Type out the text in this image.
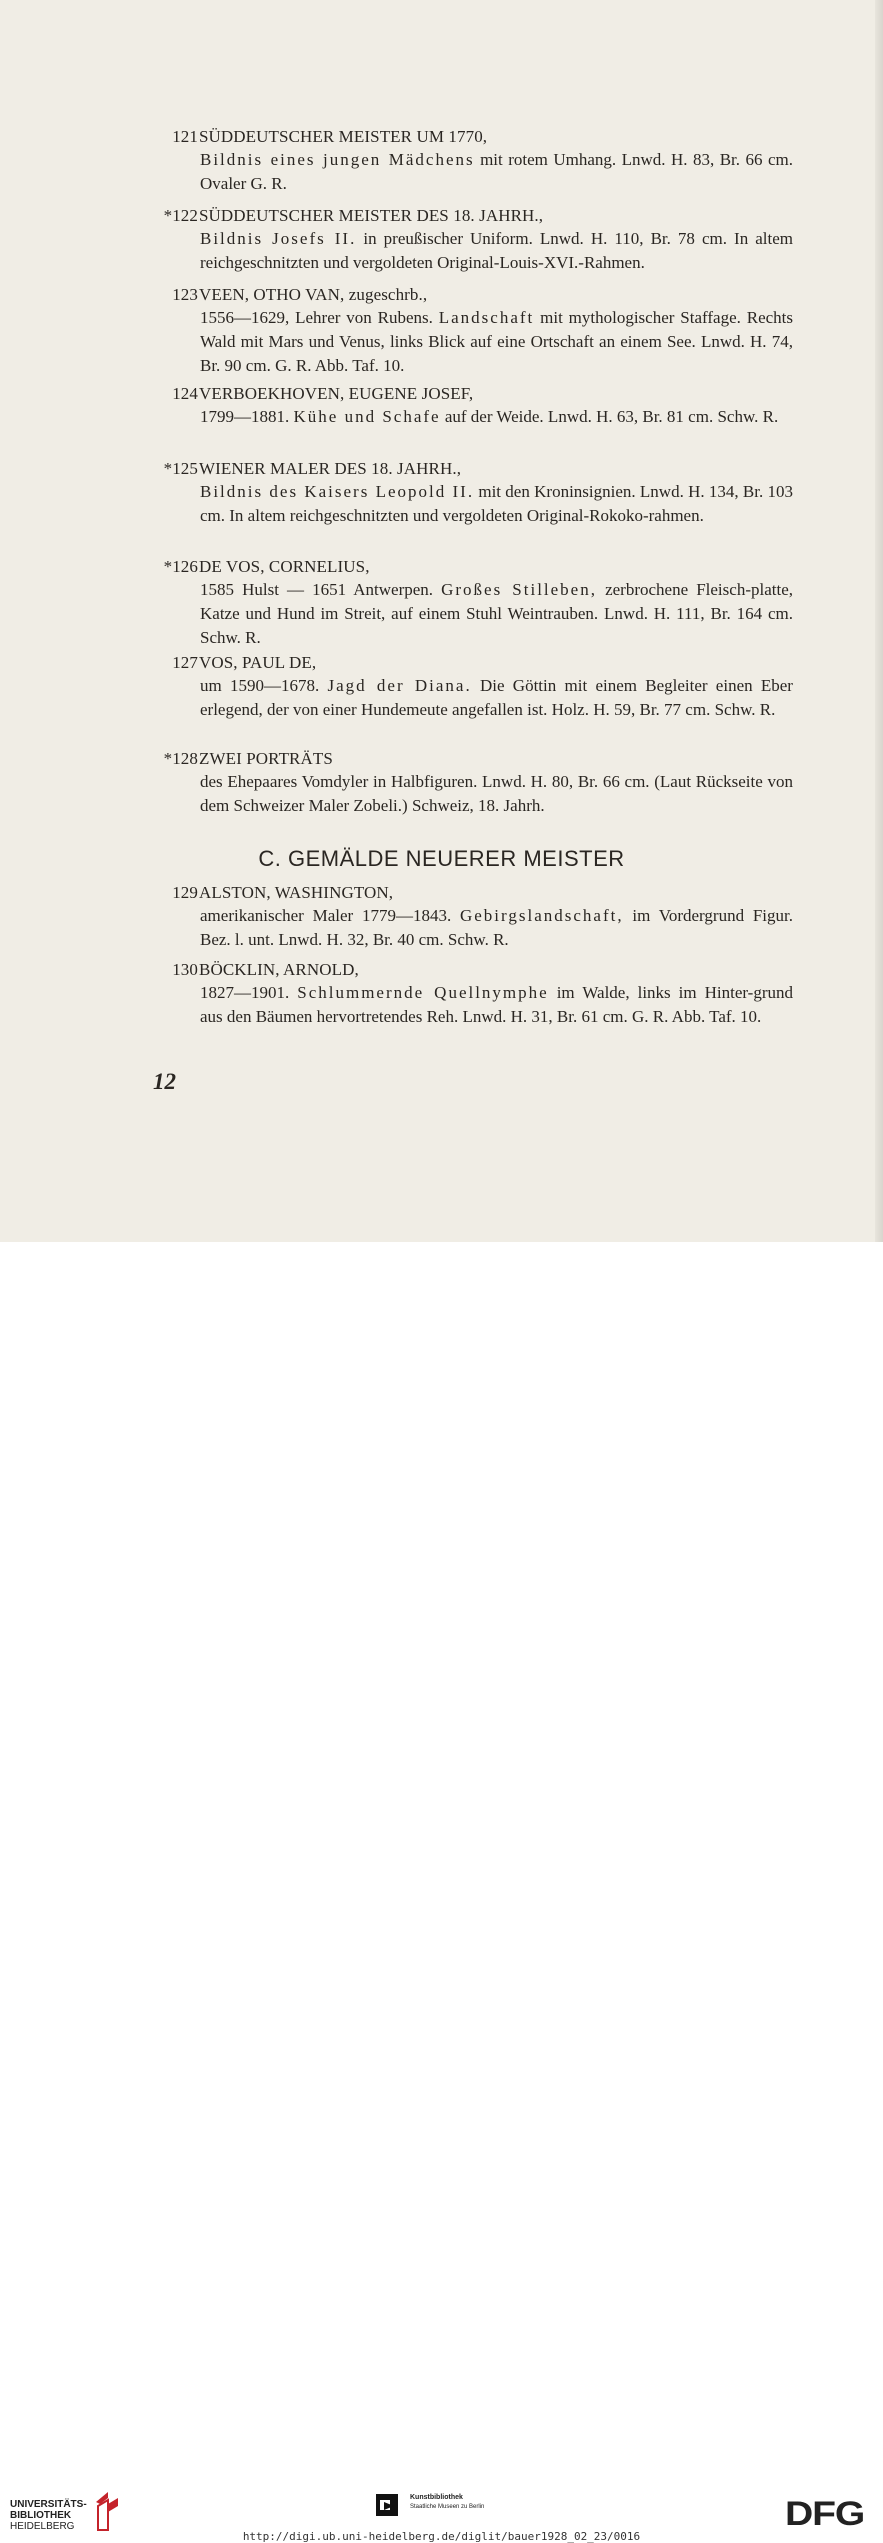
121SÜDDEUTSCHER MEISTER UM 1770,
Bildnis eines jungen Mädchens mit rotem Umhang. Lnwd. H. 83, Br. 66 cm. Ovaler G. R.
*122SÜDDEUTSCHER MEISTER DES 18. JAHRH.,
Bildnis Josefs II. in preußischer Uniform. Lnwd. H. 110, Br. 78 cm. In altem reichgeschnitzten und vergoldeten Original-Louis-XVI.-Rahmen.
123VEEN, OTHO VAN, zugeschrb.,
1556—1629, Lehrer von Rubens. Landschaft mit mythologischer Staffage. Rechts Wald mit Mars und Venus, links Blick auf eine Ortschaft an einem See. Lnwd. H. 74, Br. 90 cm. G. R. Abb. Taf. 10.
124VERBOEKHOVEN, EUGENE JOSEF,
1799—1881. Kühe und Schafe auf der Weide. Lnwd. H. 63, Br. 81 cm. Schw. R.
*125WIENER MALER DES 18. JAHRH.,
Bildnis des Kaisers Leopold II. mit den Kroninsignien. Lnwd. H. 134, Br. 103 cm. In altem reichgeschnitzten und vergoldeten Original-Rokoko-rahmen.
*126DE VOS, CORNELIUS,
1585 Hulst — 1651 Antwerpen. Großes Stilleben, zerbrochene Fleisch-platte, Katze und Hund im Streit, auf einem Stuhl Weintrauben. Lnwd. H. 111, Br. 164 cm. Schw. R.
127VOS, PAUL DE,
um 1590—1678. Jagd der Diana. Die Göttin mit einem Begleiter einen Eber erlegend, der von einer Hundemeute angefallen ist. Holz. H. 59, Br. 77 cm. Schw. R.
*128ZWEI PORTRÄTS
des Ehepaares Vomdyler in Halbfiguren. Lnwd. H. 80, Br. 66 cm. (Laut Rückseite von dem Schweizer Maler Zobeli.) Schweiz, 18. Jahrh.
C. GEMÄLDE NEUERER MEISTER
129ALSTON, WASHINGTON,
amerikanischer Maler 1779—1843. Gebirgslandschaft, im Vordergrund Figur. Bez. l. unt. Lnwd. H. 32, Br. 40 cm. Schw. R.
130BÖCKLIN, ARNOLD,
1827—1901. Schlummernde Quellnymphe im Walde, links im Hinter-grund aus den Bäumen hervortretendes Reh. Lnwd. H. 31, Br. 61 cm. G. R. Abb. Taf. 10.
12
UNIVERSITÄTS-
BIBLIOTHEK
HEIDELBERG
Kunstbibliothek
Staatliche Museen zu Berlin	DFG
http://digi.ub.uni-heidelberg.de/diglit/bauer1928_02_23/0016
